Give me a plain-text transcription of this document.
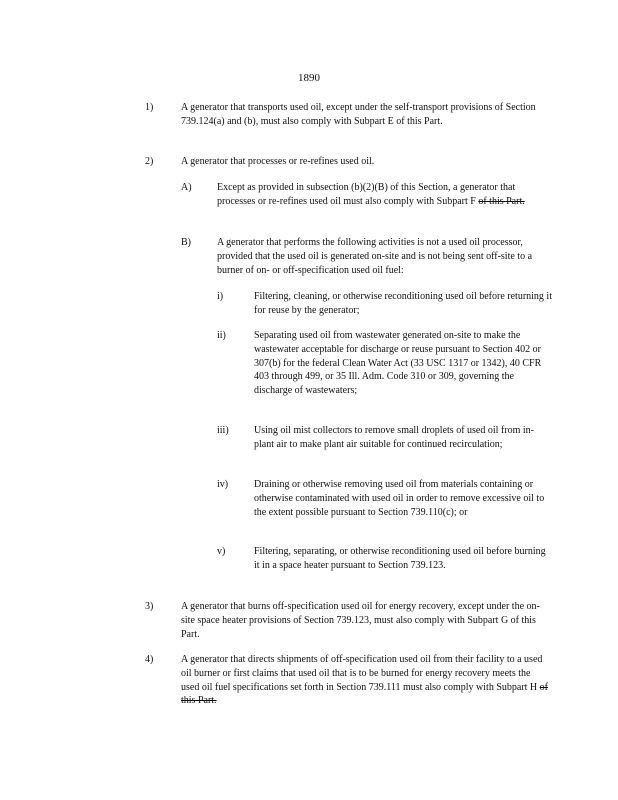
1890
1)	A generator that transports used oil, except under the self-transport provisions of Section 739.124(a) and (b), must also comply with Subpart E of this Part.
2)	A generator that processes or re-refines used oil.
A)	Except as provided in subsection (b)(2)(B) of this Section, a generator that processes or re-refines used oil must also comply with Subpart F of this Part.
B)	A generator that performs the following activities is not a used oil processor, provided that the used oil is generated on-site and is not being sent off-site to a burner of on- or off-specification used oil fuel:
i)	Filtering, cleaning, or otherwise reconditioning used oil before returning it for reuse by the generator;
ii)	Separating used oil from wastewater generated on-site to make the wastewater acceptable for discharge or reuse pursuant to Section 402 or 307(b) for the federal Clean Water Act (33 USC 1317 or 1342), 40 CFR 403 through 499, or 35 Ill. Adm. Code 310 or 309, governing the discharge of wastewaters;
iii)	Using oil mist collectors to remove small droplets of used oil from in-plant air to make plant air suitable for continued recirculation;
iv)	Draining or otherwise removing used oil from materials containing or otherwise contaminated with used oil in order to remove excessive oil to the extent possible pursuant to Section 739.110(c); or
v)	Filtering, separating, or otherwise reconditioning used oil before burning it in a space heater pursuant to Section 739.123.
3)	A generator that burns off-specification used oil for energy recovery, except under the on-site space heater provisions of Section 739.123, must also comply with Subpart G of this Part.
4)	A generator that directs shipments of off-specification used oil from their facility to a used oil burner or first claims that used oil that is to be burned for energy recovery meets the used oil fuel specifications set forth in Section 739.111 must also comply with Subpart H of this Part.
